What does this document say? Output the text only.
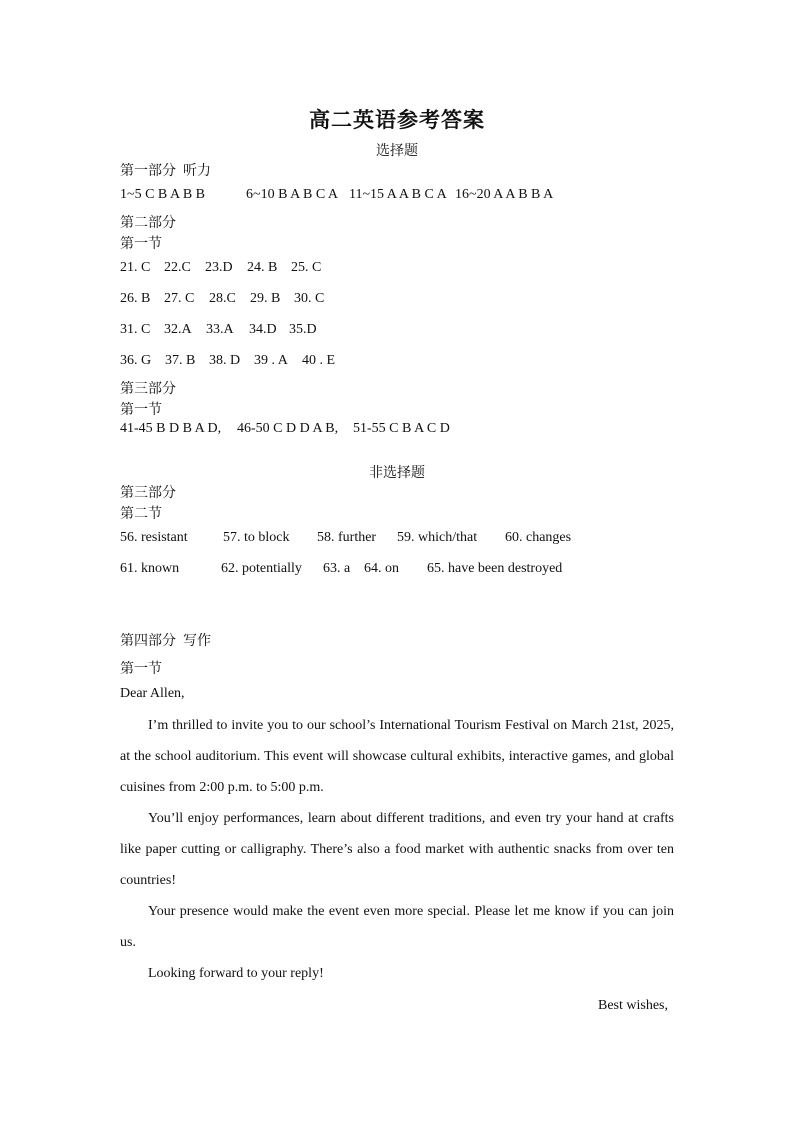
高二英语参考答案
选择题
第一部分  听力
1~5 C B A B B	6~10 B A B C A 11~15 A A B C A 16~20 A A B B A
第二部分
第一节
21. C 22.C	23.D	24. B 25. C
26. B 27. C	28.C	29. B 30. C
31. C 32.A	33.A	34.D 35.D
36. G 37. B 38. D 39 . A	40 . E
第三部分
第一节
41-45 B D B A D,	46-50 C D D A B,	51-55 C B A C D
非选择题
第三部分
第二节
56. resistant	57. to block	58. further	59. which/that	60. changes
61. known	62. potentially	63. a 64. on	65. have been destroyed
第四部分  写作
第一节
Dear Allen,

I’m thrilled to invite you to our school’s International Tourism Festival on March 21st, 2025, at the school auditorium. This event will showcase cultural exhibits, interactive games, and global cuisines from 2:00 p.m. to 5:00 p.m.

You’ll enjoy performances, learn about different traditions, and even try your hand at crafts like paper cutting or calligraphy. There’s also a food market with authentic snacks from over ten countries!

Your presence would make the event even more special. Please let me know if you can join us.

Looking forward to your reply!

Best wishes,
